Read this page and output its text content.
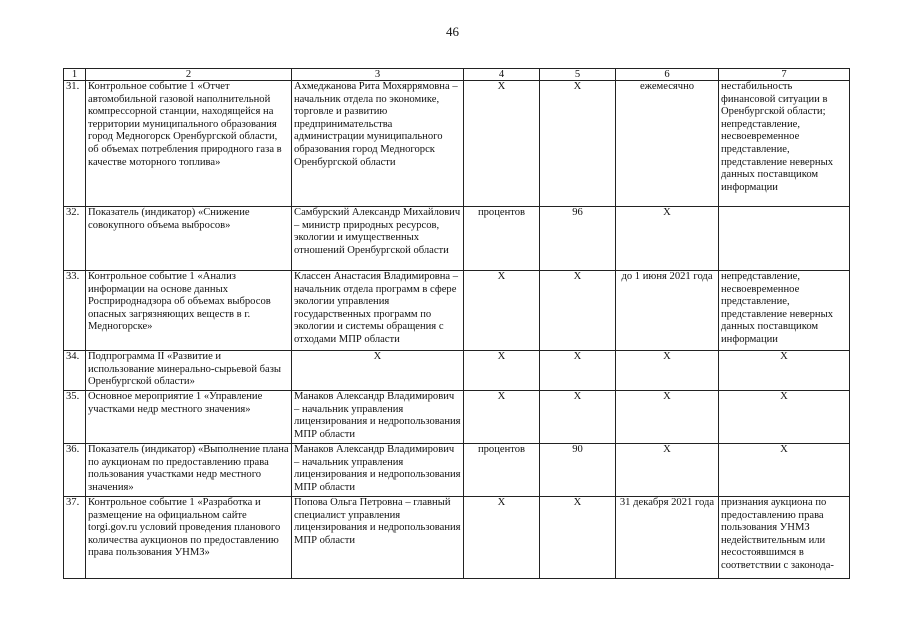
46
1	2	3	4	5	6	7
31.	Контрольное событие 1 «Отчет автомобильной газовой наполнительной компрессорной станции, находящейся на территории муниципального образования город Медногорск Оренбургской области, об объемах потребления природного газа в качестве моторного топлива»	Ахмеджанова Рита Мохяррямовна – начальник отдела по экономике, торговле и развитию предпринимательства администрации муниципального образования город Медногорск Оренбургской области	Х	Х	ежемесячно	нестабильность финансовой ситуации в Оренбургской области; непредставление, несвоевременное представление, представление неверных данных поставщиком информации
32.	Показатель (индикатор) «Снижение совокупного объема выбросов»	Самбурский Александр Михайлович – министр природных ресурсов, экологии и имущественных отношений Оренбургской области	процентов	96	Х	
33.	Контрольное событие 1 «Анализ информации на основе данных Росприроднадзора об объемах выбросов опасных загрязняющих веществ в г. Медногорске»	Классен Анастасия Владимировна – начальник отдела программ в сфере экологии управления государственных программ по экологии и системы обращения с отходами МПР области	Х	Х	до 1 июня 2021 года	непредставление, несвоевременное представление, представление неверных данных поставщиком информации
34.	Подпрограмма II «Развитие и использование минерально-сырьевой базы Оренбургской области»	Х	Х	Х	Х	Х
35.	Основное мероприятие 1 «Управление участками недр местного значения»	Манаков Александр Владимирович – начальник управления лицензирования и недропользования МПР области	Х	Х	Х	Х
36.	Показатель (индикатор) «Выполнение плана по аукционам по предоставлению права пользования участками недр местного значения»	Манаков Александр Владимирович – начальник управления лицензирования и недропользования МПР области	процентов	90	Х	Х
37.	Контрольное событие 1 «Разработка и размещение на официальном сайте torgi.gov.ru условий проведения планового количества аукционов по предоставлению права пользования УНМЗ»	Попова Ольга Петровна – главный специалист управления лицензирования и недропользования МПР области	Х	Х	31 декабря 2021 года	признания аукциона по предоставлению права пользования УНМЗ недействительным или несостоявшимся в соответствии с законода-
